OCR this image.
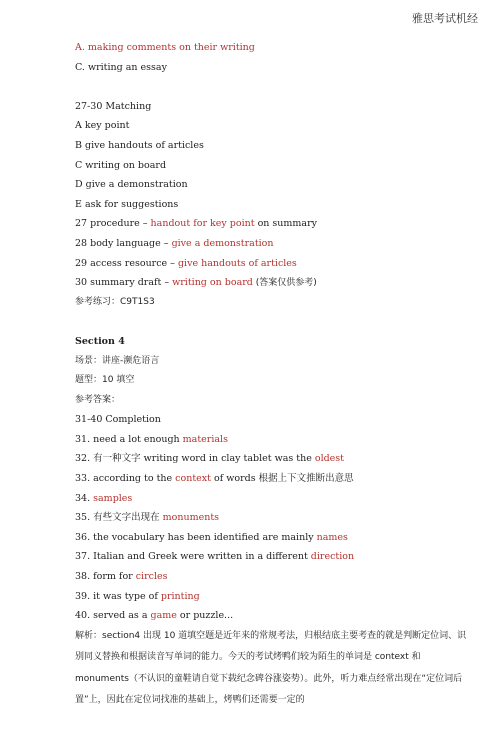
雅思考试机经
A. making comments on their writing
C. writing an essay
27-30 Matching
A key point
B give handouts of articles
C writing on board
D give a demonstration
E ask for suggestions
27 procedure – handout for key point on summary
28 body language – give a demonstration
29 access resource – give handouts of articles
30 summary draft – writing on board (答案仅供参考)
参考练习：C9T1S3
Section 4
场景：讲座-濒危语言
题型：10 填空
参考答案：
31-40 Completion
31. need a lot enough materials
32. 有一种文字 writing word in clay tablet was the oldest
33. according to the context of words 根据上下文推断出意思
34. samples
35. 有些文字出现在 monuments
36. the vocabulary has been identified are mainly names
37. Italian and Greek were written in a different direction
38. form for circles
39. it was type of printing
40. served as a game or puzzle...
解析：section4 出现 10 道填空题是近年来的常规考法，归根结底主要考查的就是判断定位词、识别同义替换和根据读音写单词的能力。今天的考试烤鸭们较为陌生的单词是 context 和 monuments（不认识的童鞋请自觉下载纪念碑谷涨姿势）。此外，听力难点经常出现在“定位词后置”上，因此在定位词找准的基础上，烤鸭们还需要一定的
